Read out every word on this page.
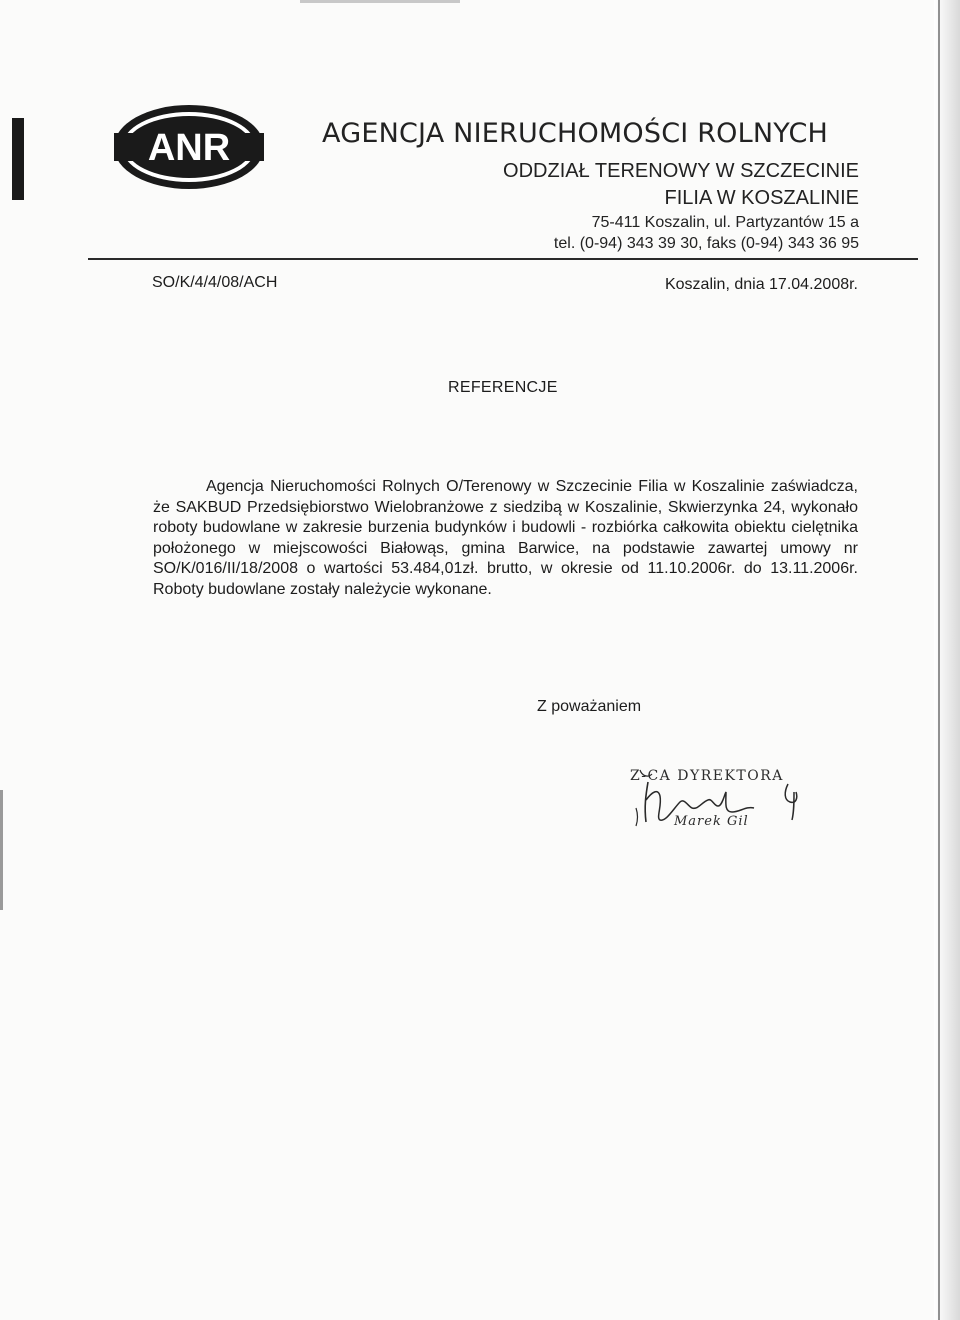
ANR	AGENCJA NIERUCHOMOŚCI ROLNYCH
ODDZIAŁ TERENOWY W SZCZECINIE
FILIA W KOSZALINIE
75-411 Koszalin, ul. Partyzantów 15 a
tel. (0-94) 343 39 30, faks (0-94) 343 36 95
SO/K/4/4/08/ACH	Koszalin, dnia 17.04.2008r.
REFERENCJE

Agencja Nieruchomości Rolnych O/Terenowy w Szczecinie Filia w Koszalinie zaświadcza, że SAKBUD Przedsiębiorstwo Wielobranżowe z siedzibą w Koszalinie, Skwierzynka 24, wykonało roboty budowlane w zakresie burzenia budynków i budowli - rozbiórka całkowita obiektu cielętnika położonego w miejscowości Białowąs, gmina Barwice, na podstawie zawartej umowy nr SO/K/016/II/18/2008 o wartości 53.484,01zł. brutto, w okresie od 11.10.2006r. do 13.11.2006r. Roboty budowlane zostały należycie wykonane.

Z poważaniem
Z-CA DYREKTORA
Marek Gil
